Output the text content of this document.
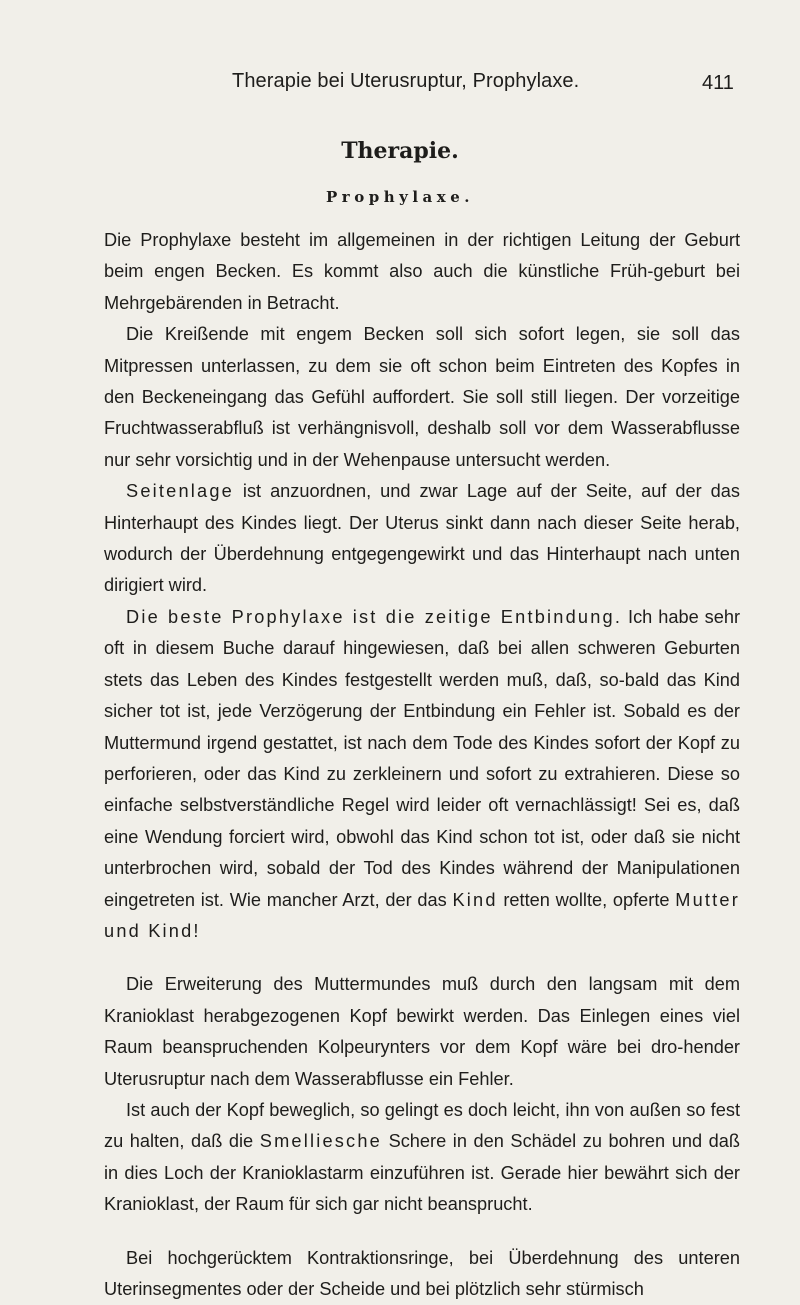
Therapie bei Uterusruptur, Prophylaxe.	411
Therapie.
Prophylaxe.

Die Prophylaxe besteht im allgemeinen in der richtigen Leitung der Geburt beim engen Becken. Es kommt also auch die künstliche Früh-geburt bei Mehrgebärenden in Betracht.

Die Kreißende mit engem Becken soll sich sofort legen, sie soll das Mitpressen unterlassen, zu dem sie oft schon beim Eintreten des Kopfes in den Beckeneingang das Gefühl auffordert. Sie soll still liegen. Der vorzeitige Fruchtwasserabfluß ist verhängnisvoll, deshalb soll vor dem Wasserabflusse nur sehr vorsichtig und in der Wehenpause untersucht werden.

Seitenlage ist anzuordnen, und zwar Lage auf der Seite, auf der das Hinterhaupt des Kindes liegt. Der Uterus sinkt dann nach dieser Seite herab, wodurch der Überdehnung entgegengewirkt und das Hinterhaupt nach unten dirigiert wird.

Die beste Prophylaxe ist die zeitige Entbindung. Ich habe sehr oft in diesem Buche darauf hingewiesen, daß bei allen schweren Geburten stets das Leben des Kindes festgestellt werden muß, daß, so-bald das Kind sicher tot ist, jede Verzögerung der Entbindung ein Fehler ist. Sobald es der Muttermund irgend gestattet, ist nach dem Tode des Kindes sofort der Kopf zu perforieren, oder das Kind zu zerkleinern und sofort zu extrahieren. Diese so einfache selbstverständliche Regel wird leider oft vernachlässigt! Sei es, daß eine Wendung forciert wird, obwohl das Kind schon tot ist, oder daß sie nicht unterbrochen wird, sobald der Tod des Kindes während der Manipulationen eingetreten ist. Wie mancher Arzt, der das Kind retten wollte, opferte Mutter und Kind!

Die Erweiterung des Muttermundes muß durch den langsam mit dem Kranioklast herabgezogenen Kopf bewirkt werden. Das Einlegen eines viel Raum beanspruchenden Kolpeurynters vor dem Kopf wäre bei dro-hender Uterusruptur nach dem Wasserabflusse ein Fehler.

Ist auch der Kopf beweglich, so gelingt es doch leicht, ihn von außen so fest zu halten, daß die Smelliesche Schere in den Schädel zu bohren und daß in dies Loch der Kranioklastarm einzuführen ist. Gerade hier bewährt sich der Kranioklast, der Raum für sich gar nicht beansprucht.

Bei hochgerücktem Kontraktionsringe, bei Überdehnung des unteren Uterinsegmentes oder der Scheide und bei plötzlich sehr stürmisch
